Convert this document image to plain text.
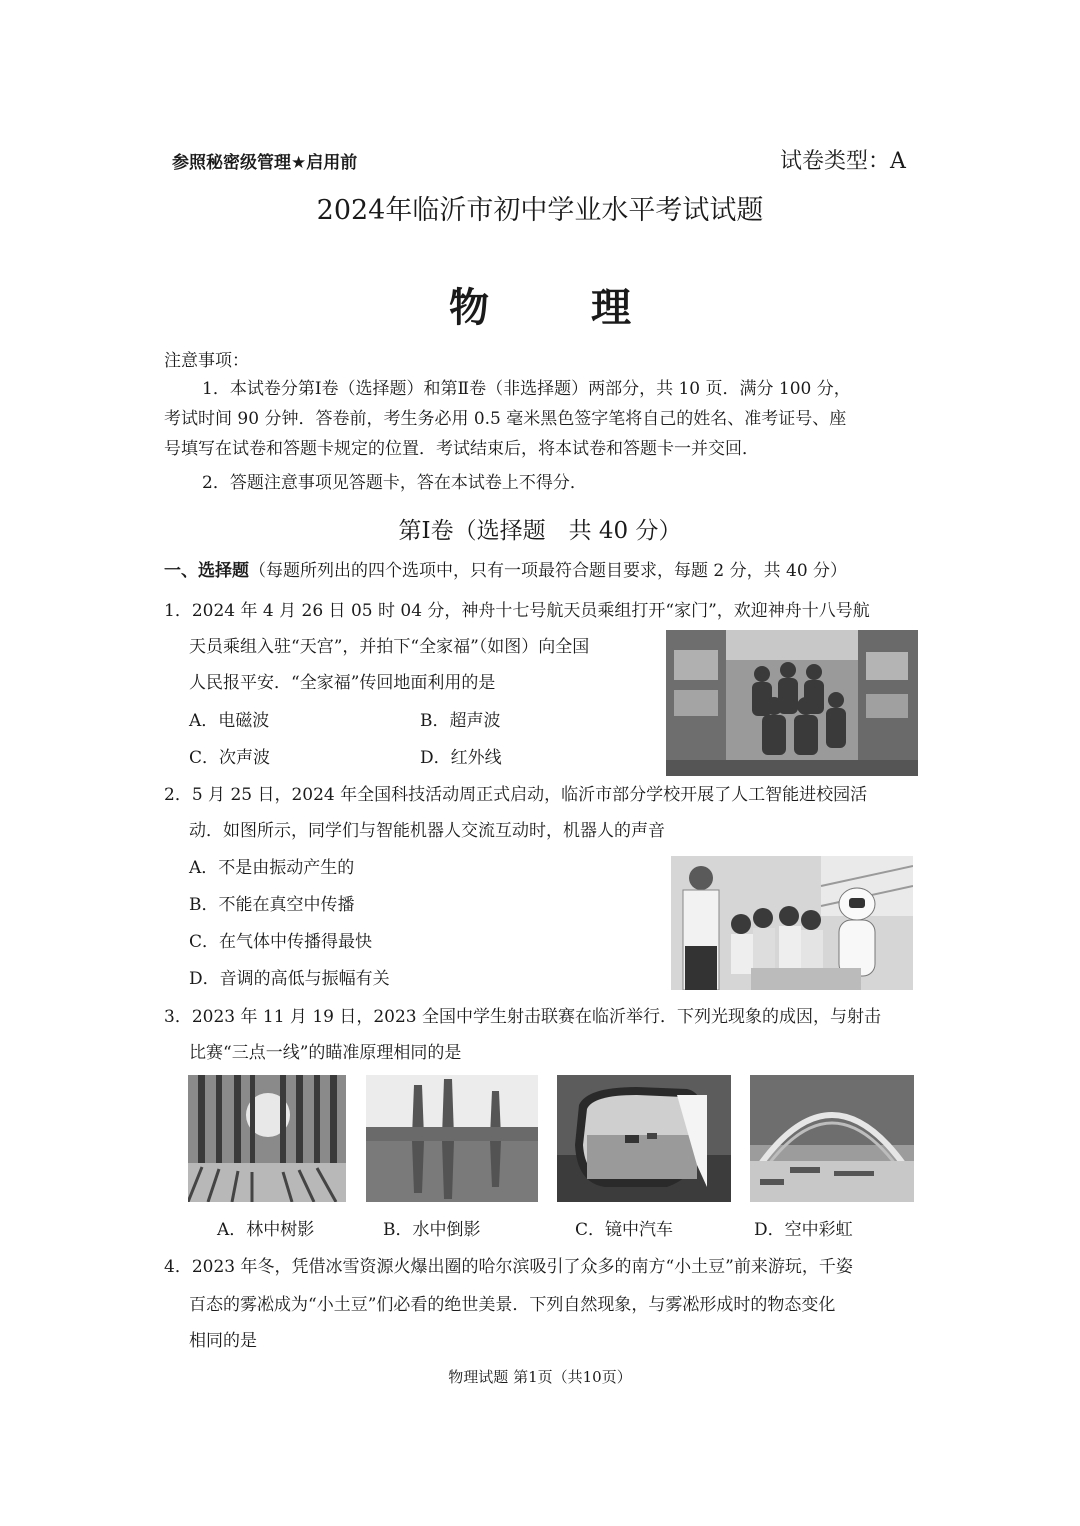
参照秘密级管理★启用前	试卷类型：A
2024年临沂市初中学业水平考试试题
物 理
注意事项：
1．本试卷分第Ⅰ卷（选择题）和第Ⅱ卷（非选择题）两部分，共 10 页．满分 100 分，
考试时间 90 分钟．答卷前，考生务必用 0.5 毫米黑色签字笔将自己的姓名、准考证号、座
号填写在试卷和答题卡规定的位置．考试结束后，将本试卷和答题卡一并交回．
2．答题注意事项见答题卡，答在本试卷上不得分．
第Ⅰ卷（选择题　共 40 分）
一、选择题（每题所列出的四个选项中，只有一项最符合题目要求，每题 2 分，共 40 分）
1．2024 年 4 月 26 日 05 时 04 分，神舟十七号航天员乘组打开“家门”，欢迎神舟十八号航
天员乘组入驻“天宫”，并拍下“全家福”（如图）向全国
人民报平安．“全家福”传回地面利用的是
A．电磁波	B．超声波
C．次声波	D．红外线
2．5 月 25 日，2024 年全国科技活动周正式启动，临沂市部分学校开展了人工智能进校园活
动．如图所示，同学们与智能机器人交流互动时，机器人的声音
A．不是由振动产生的
B．不能在真空中传播
C．在气体中传播得最快
D．音调的高低与振幅有关
3．2023 年 11 月 19 日，2023 全国中学生射击联赛在临沂举行．下列光现象的成因，与射击
比赛“三点一线”的瞄准原理相同的是
A．林中树影	B．水中倒影	C．镜中汽车	D．空中彩虹
4．2023 年冬，凭借冰雪资源火爆出圈的哈尔滨吸引了众多的南方“小土豆”前来游玩，千姿
百态的雾凇成为“小土豆”们必看的绝世美景．下列自然现象，与雾凇形成时的物态变化
相同的是
物理试题 第1页（共10页）
